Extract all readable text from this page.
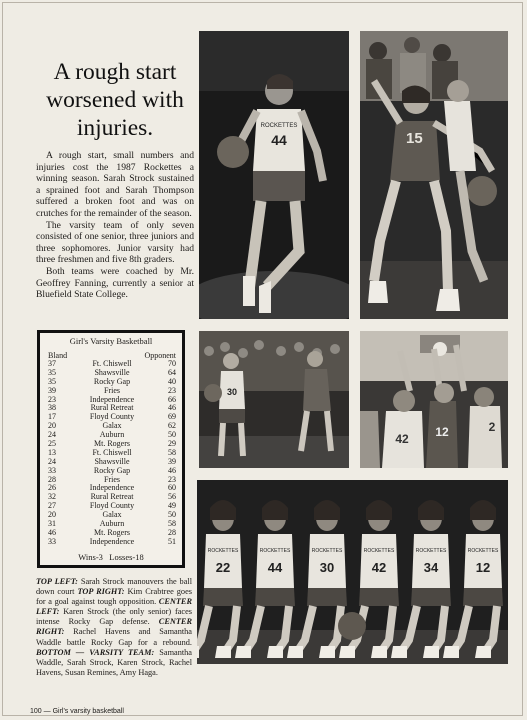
A rough start worsened with injuries.

A rough start, small numbers and injuries cost the 1987 Rockettes a winning season. Sarah Strock sustained a sprained foot and Sarah Thompson suffered a broken foot and was on crutches for the remainder of the season.

The varsity team of only seven consisted of one senior, three juniors and three sophomores. Junior varsity had three freshmen and five 8th graders.

Both teams were coached by Mr. Geoffrey Fanning, currently a senior at Bluefield State College.

Girl's Varsity Basketball
Bland	Opponent
37	Ft. Chiswell	70
35	Shawsville	64
35	Rocky Gap	40
39	Fries	23
23	Independence	66
38	Rural Retreat	46
17	Floyd County	69
20	Galax	62
24	Auburn	50
25	Mt. Rogers	29
13	Ft. Chiswell	58
24	Shawsville	39
33	Rocky Gap	46
28	Fries	23
26	Independence	60
32	Rural Retreat	56
27	Floyd County	49
20	Galax	50
31	Auburn	58
46	Mt. Rogers	28
33	Independence	51
Wins-3   Losses-18

TOP LEFT: Sarah Strock manouvers the ball down court TOP RIGHT: Kim Crabtree goes for a goal against tough opposition. CENTER LEFT: Karen Strock (the only senior) faces intense Rocky Gap defense. CENTER RIGHT: Rachel Havens and Samantha Waddle battle Rocky Gap for a rebound. BOTTOM — VARSITY TEAM: Samantha Waddle, Sarah Strock, Karen Strock, Rachel Havens, Susan Remines, Amy Haga.

100 — Girl's varsity basketball
ROCKETTES
44	15
30
42 12	2
ROCKETTES
22
ROCKETTES
44
ROCKETTES
30
ROCKETTES
42
ROCKETTES
34
ROCKETTES
12
